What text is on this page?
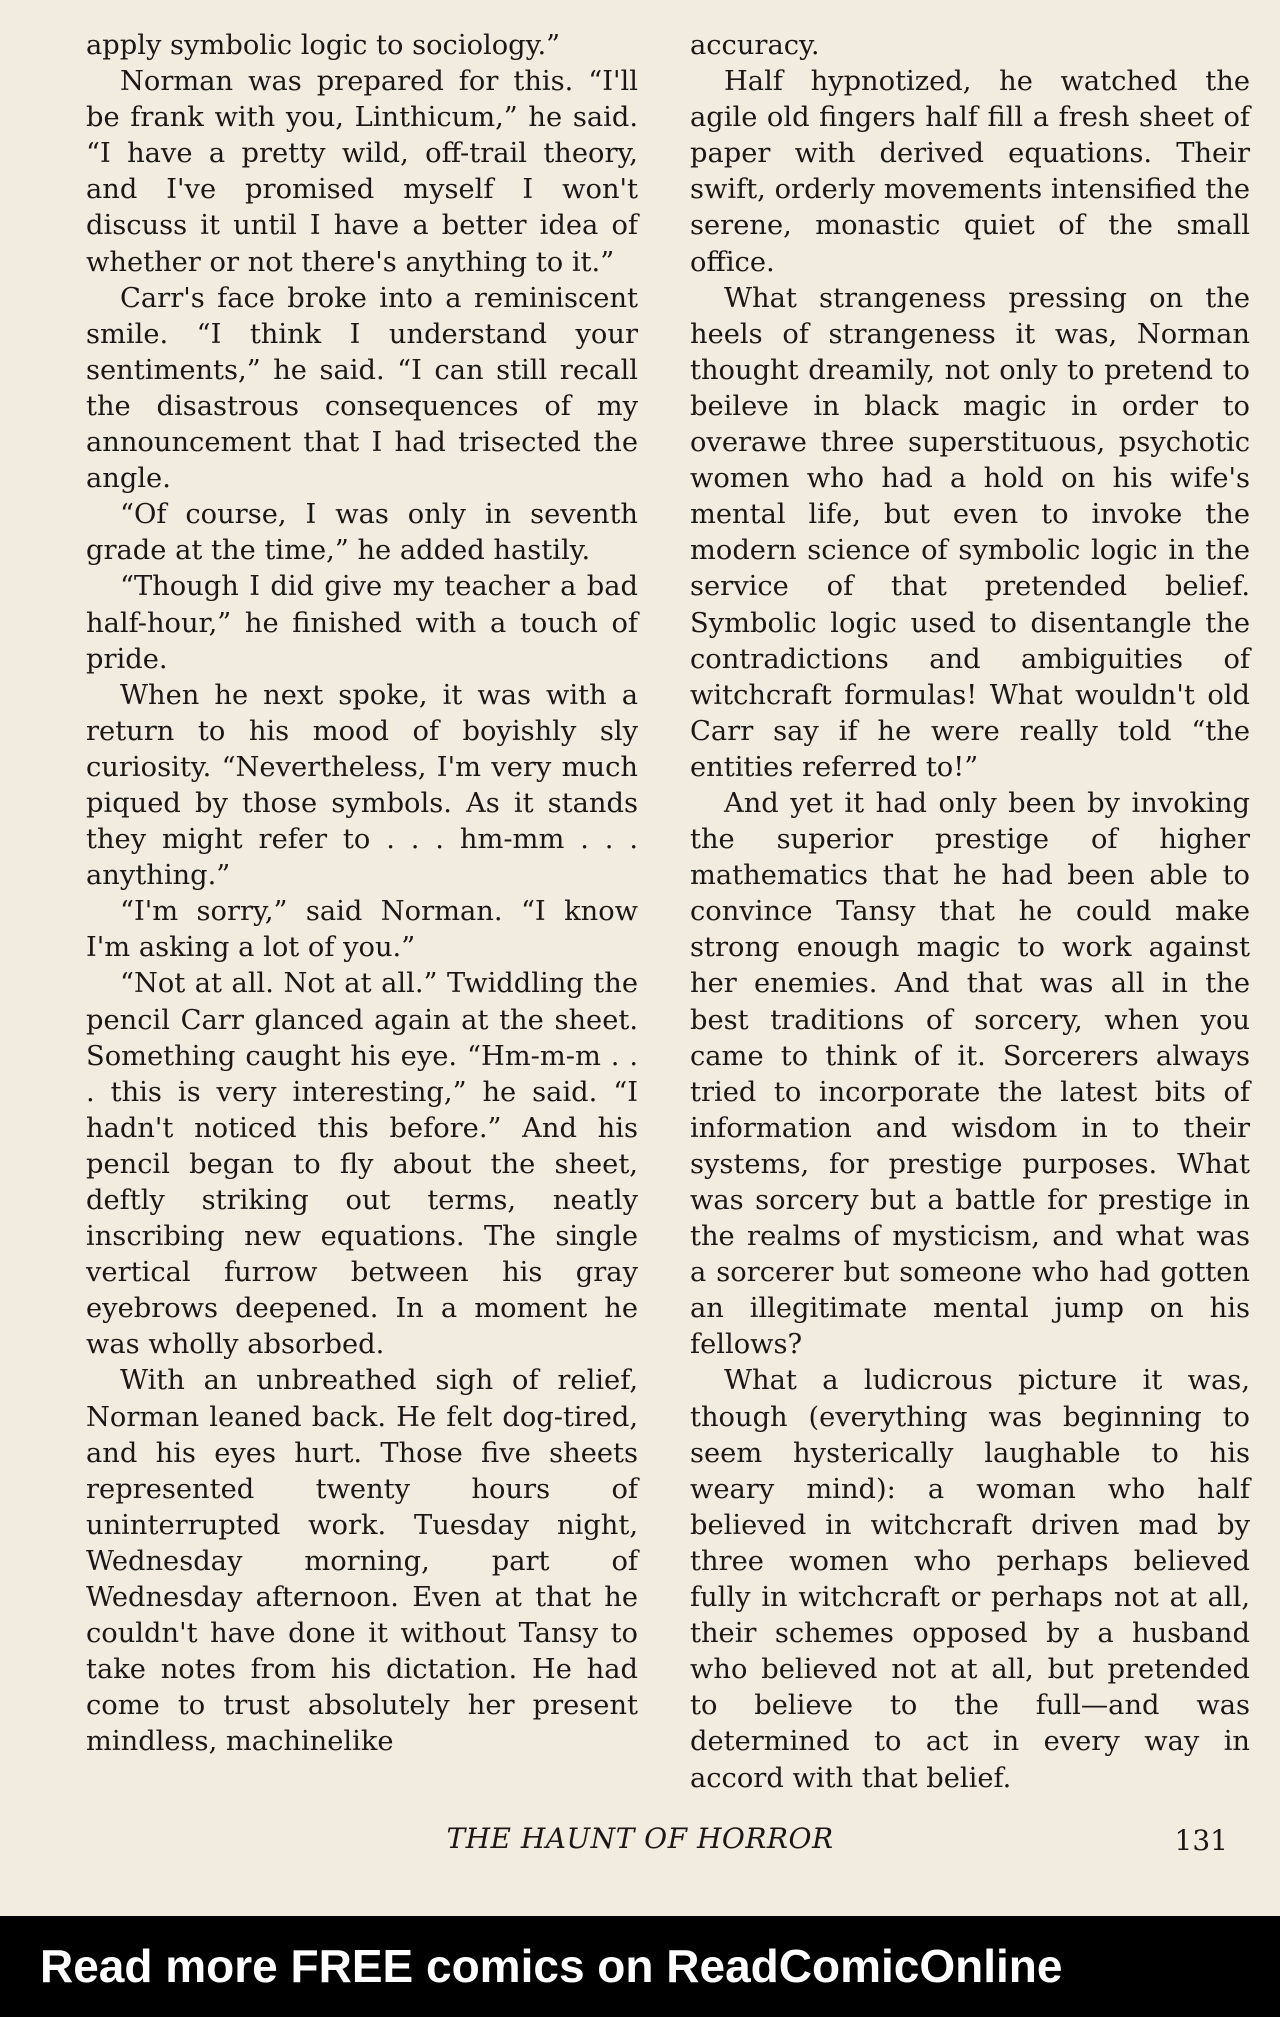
apply symbolic logic to sociology.”

Norman was prepared for this. “I'll be frank with you, Linthicum,” he said. “I have a pretty wild, off-trail theory, and I've promised myself I won't discuss it until I have a better idea of whether or not there's anything to it.”

Carr's face broke into a reminiscent smile. “I think I understand your sentiments,” he said. “I can still recall the disastrous consequences of my announcement that I had trisected the angle.

“Of course, I was only in seventh grade at the time,” he added hastily.

“Though I did give my teacher a bad half-hour,” he finished with a touch of pride.

When he next spoke, it was with a return to his mood of boyishly sly curiosity. “Nevertheless, I'm very much piqued by those symbols. As it stands they might refer to . . . hm-mm . . . anything.”

“I'm sorry,” said Norman. “I know I'm asking a lot of you.”

“Not at all. Not at all.” Twiddling the pencil Carr glanced again at the sheet. Something caught his eye. “Hm-m-m . . . this is very interesting,” he said. “I hadn't noticed this before.” And his pencil began to fly about the sheet, deftly striking out terms, neatly inscribing new equations. The single vertical furrow between his gray eyebrows deepened. In a moment he was wholly absorbed.

With an unbreathed sigh of relief, Norman leaned back. He felt dog-tired, and his eyes hurt. Those five sheets represented twenty hours of uninterrupted work. Tuesday night, Wednesday morning, part of Wednesday afternoon. Even at that he couldn't have done it without Tansy to take notes from his dictation. He had come to trust absolutely her present mindless, machinelike

accuracy.

Half hypnotized, he watched the agile old fingers half fill a fresh sheet of paper with derived equations. Their swift, orderly movements intensified the serene, monastic quiet of the small office.

What strangeness pressing on the heels of strangeness it was, Norman thought dreamily, not only to pretend to beileve in black magic in order to overawe three superstituous, psychotic women who had a hold on his wife's mental life, but even to invoke the modern science of symbolic logic in the service of that pretended belief. Symbolic logic used to disentangle the contradictions and ambiguities of witchcraft formulas! What wouldn't old Carr say if he were really told “the entities referred to!”

And yet it had only been by invoking the superior prestige of higher mathematics that he had been able to convince Tansy that he could make strong enough magic to work against her enemies. And that was all in the best traditions of sorcery, when you came to think of it. Sorcerers always tried to incorporate the latest bits of information and wisdom in to their systems, for prestige purposes. What was sorcery but a battle for prestige in the realms of mysticism, and what was a sorcerer but someone who had gotten an illegitimate mental jump on his fellows?

What a ludicrous picture it was, though (everything was beginning to seem hysterically laughable to his weary mind): a woman who half believed in witchcraft driven mad by three women who perhaps believed fully in witchcraft or perhaps not at all, their schemes opposed by a husband who believed not at all, but pretended to believe to the full—and was determined to act in every way in accord with that belief.

THE HAUNT OF HORROR	131
Read more FREE comics on ReadComicOnline
